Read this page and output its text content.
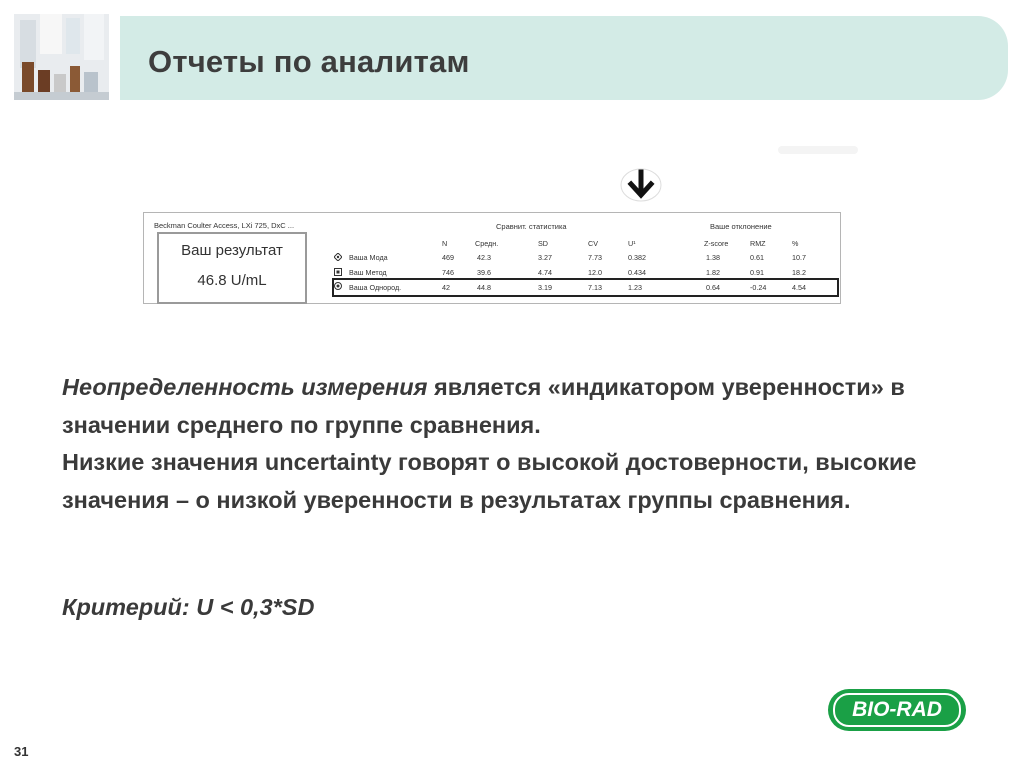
Отчеты по аналитам
Beckman Coulter Access, LXi 725, DxC ...
Ваш результат
46.8 U/mL
Сравнит. статистика	Ваше отклонение
N	Средн.	SD	CV	U¹	Z-score	RMZ	%
Ваша Мода	469	42.3	3.27	7.73	0.382	1.38	0.61	10.7
Ваш Метод	746	39.6	4.74	12.0	0.434	1.82	0.91	18.2
Ваша Однород.	42	44.8	3.19	7.13	1.23	0.64	-0.24	4.54
Неопределенность измерения является «индикатором уверенности» в значении среднего по группе сравнения.
Низкие значения uncertainty говорят о высокой достоверности, высокие значения – о низкой уверенности в результатах группы сравнения.
Критерий: U < 0,3*SD
BIO-RAD
31
